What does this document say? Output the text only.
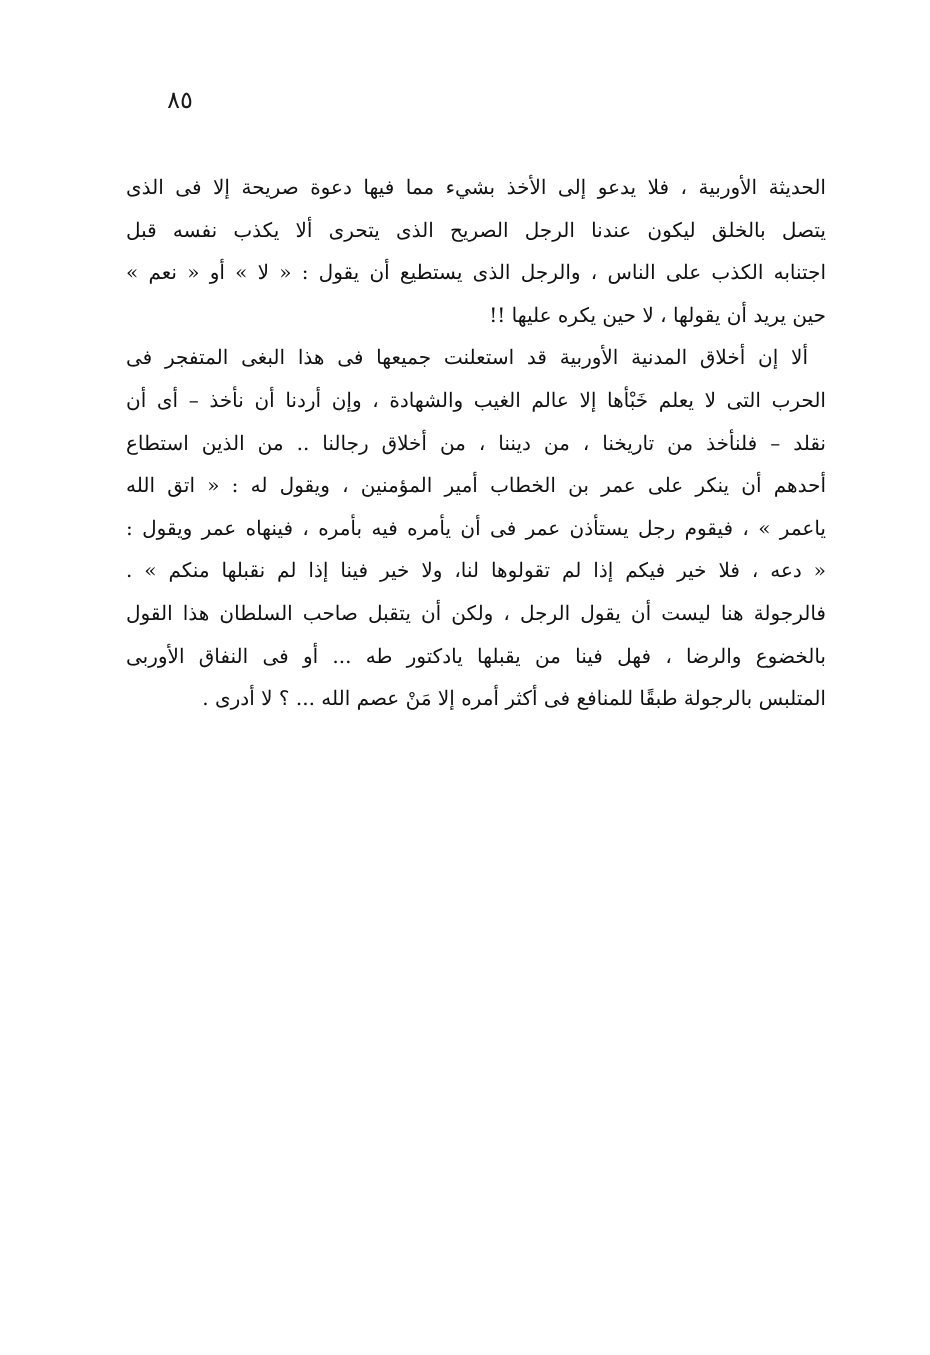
٨٥
الحديثة الأوربية ، فلا يدعو إلى الأخذ بشيء مما فيها دعوة صريحة إلا فى الذى
يتصل بالخلق ليكون عندنا الرجل الصريح الذى يتحرى ألا يكذب نفسه قبل
اجتنابه الكذب على الناس ، والرجل الذى يستطيع أن يقول : « لا » أو « نعم »
حين يريد أن يقولها ، لا حين يكره عليها !!
ألا إن أخلاق المدنية الأوربية قد استعلنت جميعها فى هذا البغى المتفجر فى
الحرب التى لا يعلم خَبْأها إلا عالم الغيب والشهادة ، وإن أردنا أن نأخذ – أى أن
نقلد – فلنأخذ من تاريخنا ، من ديننا ، من أخلاق رجالنا .. من الذين استطاع
أحدهم أن ينكر على عمر بن الخطاب أمير المؤمنين ، ويقول له : « اتق الله
ياعمر » ، فيقوم رجل يستأذن عمر فى أن يأمره فيه بأمره ، فينهاه عمر ويقول :
« دعه ، فلا خير فيكم إذا لم تقولوها لنا، ولا خير فينا إذا لم نقبلها منكم » .
فالرجولة هنا ليست أن يقول الرجل ، ولكن أن يتقبل صاحب السلطان هذا القول
بالخضوع والرضا ، فهل فينا من يقبلها يادكتور طه ... أو فى النفاق الأوربى
المتلبس بالرجولة طبقًا للمنافع فى أكثر أمره إلا مَنْ عصم الله ... ؟ لا أدرى .
